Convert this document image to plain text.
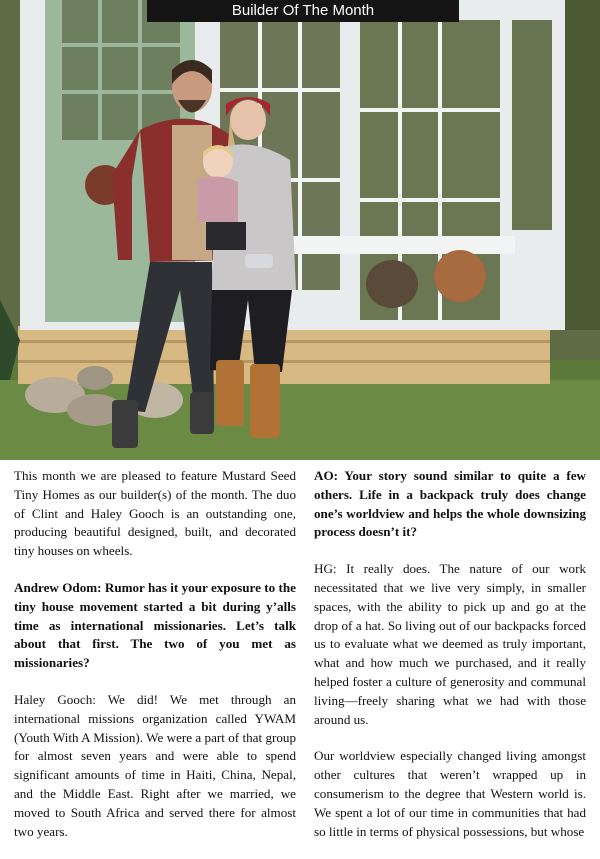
Builder Of The Month

This month we are pleased to feature Mustard Seed Tiny Homes as our builder(s) of the month. The duo of Clint and Haley Gooch is an outstanding one, producing beautiful designed, built, and decorated tiny houses on wheels.

Andrew Odom: Rumor has it your exposure to the tiny house movement started a bit during y’alls time as international missionaries. Let’s talk about that first. The two of you met as missionaries?

Haley Gooch: We did! We met through an international missions organization called YWAM (Youth With A Mission). We were a part of that group for almost seven years and were able to spend significant amounts of time in Haiti, China, Nepal, and the Middle East. Right after we married, we moved to South Africa and served there for almost two years.

AO: Your story sound similar to quite a few others. Life in a backpack truly does change one’s worldview and helps the whole downsizing process doesn’t it?

HG: It really does. The nature of our work necessitated that we live very simply, in smaller spaces, with the ability to pick up and go at the drop of a hat. So living out of our backpacks forced us to evaluate what we deemed as truly important, what and how much we purchased, and it really helped foster a culture of generosity and communal living—freely sharing what we had with those around us.

Our worldview especially changed living amongst other cultures that weren’t wrapped up in consumerism to the degree that Western world is. We spent a lot of our time in communities that had so little in terms of physical possessions, but whose
